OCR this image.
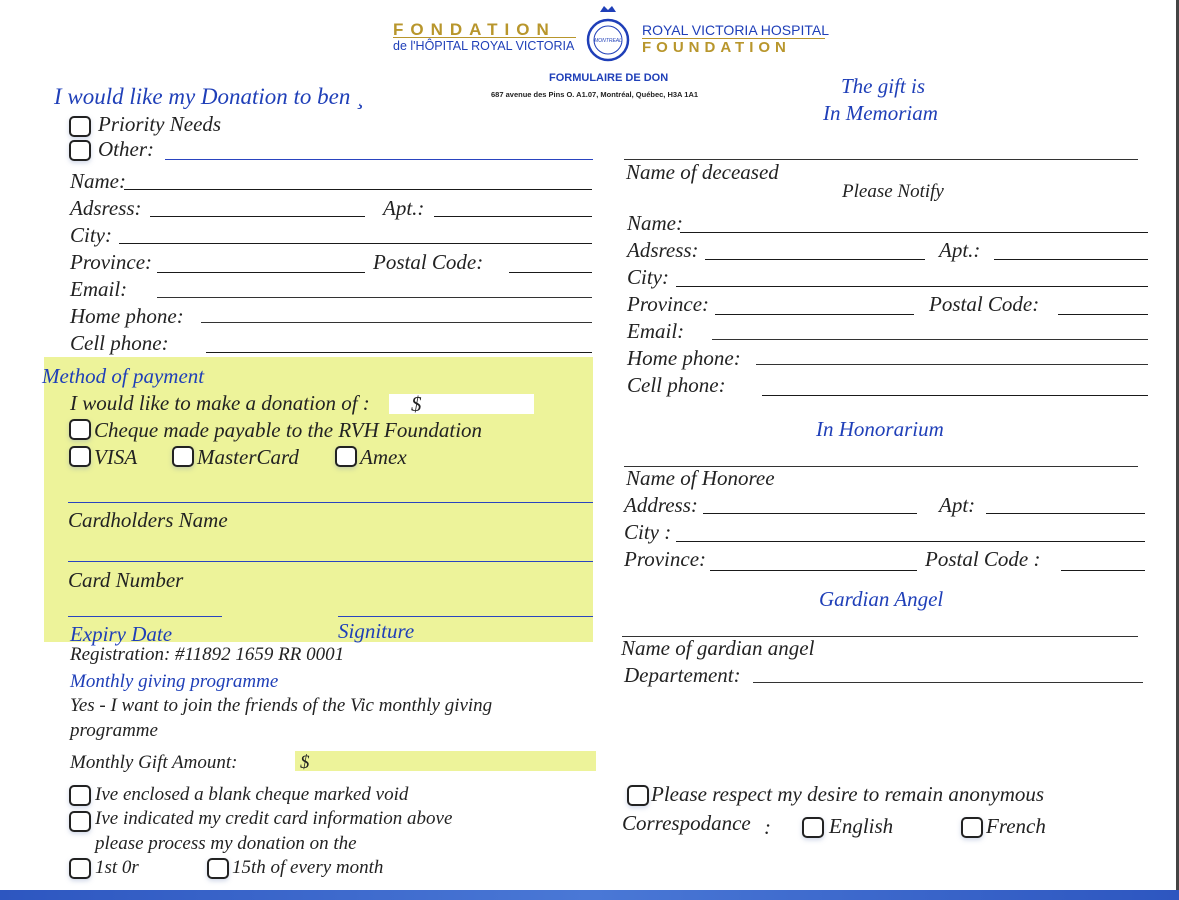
FONDATION
de l'HÔPITAL ROYAL VICTORIA	MONTREAL
ROYAL VICTORIA HOSPITAL
FOUNDATION
FORMULAIRE DE DON
687 avenue des Pins O. A1.07, Montréal, Québec, H3A 1A1
I would like my Donation to ben ¸
Priority Needs
Other:
Name:
Adsress:	Apt.:
City:
Province:	Postal Code:
Email:
Home phone:
Cell phone:
Method of payment
I would like to make a donation of : $
Cheque made payable to the RVH Foundation
VISA	MasterCard	Amex
Cardholders Name
Card Number
Expiry Date	Signiture
Registration: #11892 1659 RR 0001
Monthly giving programme
Yes - I want to join the friends of the Vic monthly giving
programme
Monthly Gift Amount:	$
Ive enclosed a blank cheque marked void
Ive indicated my credit card information above
please process my donation on the
1st 0r	15th of every month
The gift is
In Memoriam
Name of deceased
Please Notify
Name:
Adsress:	Apt.:
City:
Province:	Postal Code:
Email:
Home phone:
Cell phone:
In Honorarium
Name of Honoree
Address:	Apt:
City :
Province:	Postal Code :
Gardian Angel
Name of gardian angel
Departement:
Please respect my desire to remain anonymous
Correspodance :	English	French
